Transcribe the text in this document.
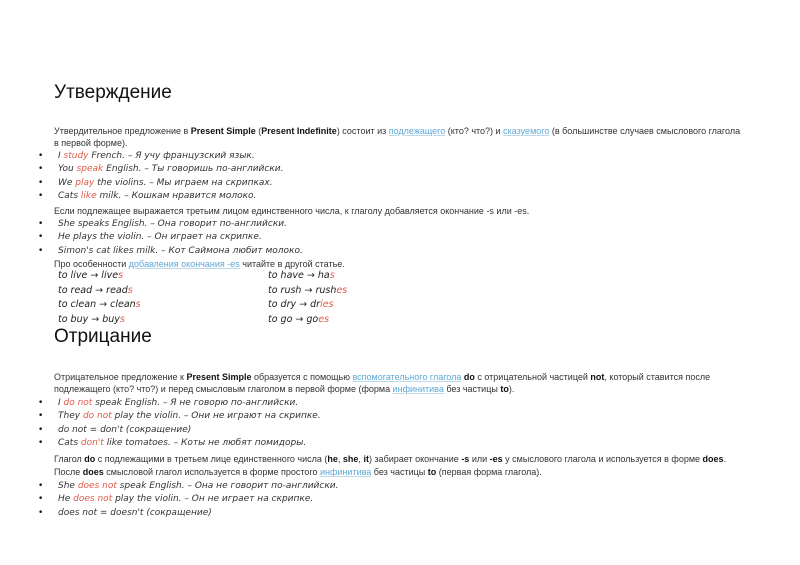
Утверждение
Утвердительное предложение в Present Simple (Present Indefinite) состоит из подлежащего (кто? что?) и сказуемого (в большинстве случаев смыслового глагола в первой форме).
• I study French. – Я учу французский язык.
• You speak English. – Ты говоришь по-английски.
• We play the violins. – Мы играем на скрипках.
• Cats like milk. – Кошкам нравится молоко.
Если подлежащее выражается третьим лицом единственного числа, к глаголу добавляется окончание -s или -es.
• She speaks English. – Она говорит по-английски.
• He plays the violin. – Он играет на скрипке.
• Simon's cat likes milk. – Кот Саймона любит молоко.
Про особенности добавления окончания -es читайте в другой статье.
to live → lives	to have → has
to read → reads	to rush → rushes
to clean → cleans	to dry → dries
to buy → buys	to go → goes
Отрицание
Отрицательное предложение к Present Simple образуется с помощью вспомогательного глагола do с отрицательной частицей not, который ставится после подлежащего (кто? что?) и перед смысловым глаголом в первой форме (форма инфинитива без частицы to).
• I do not speak English. – Я не говорю по-английски.
• They do not play the violin. – Они не играют на скрипке.
• do not = don't (сокращение)
• Cats don't like tomatoes. – Коты не любят помидоры.
Глагол do с подлежащими в третьем лице единственного числа (he, she, it) забирает окончание -s или -es у смыслового глагола и используется в форме does. После does смысловой глагол используется в форме простого инфинитива без частицы to (первая форма глагола).
• She does not speak English. – Она не говорит по-английски.
• He does not play the violin. – Он не играет на скрипке.
• does not = doesn't (сокращение)
